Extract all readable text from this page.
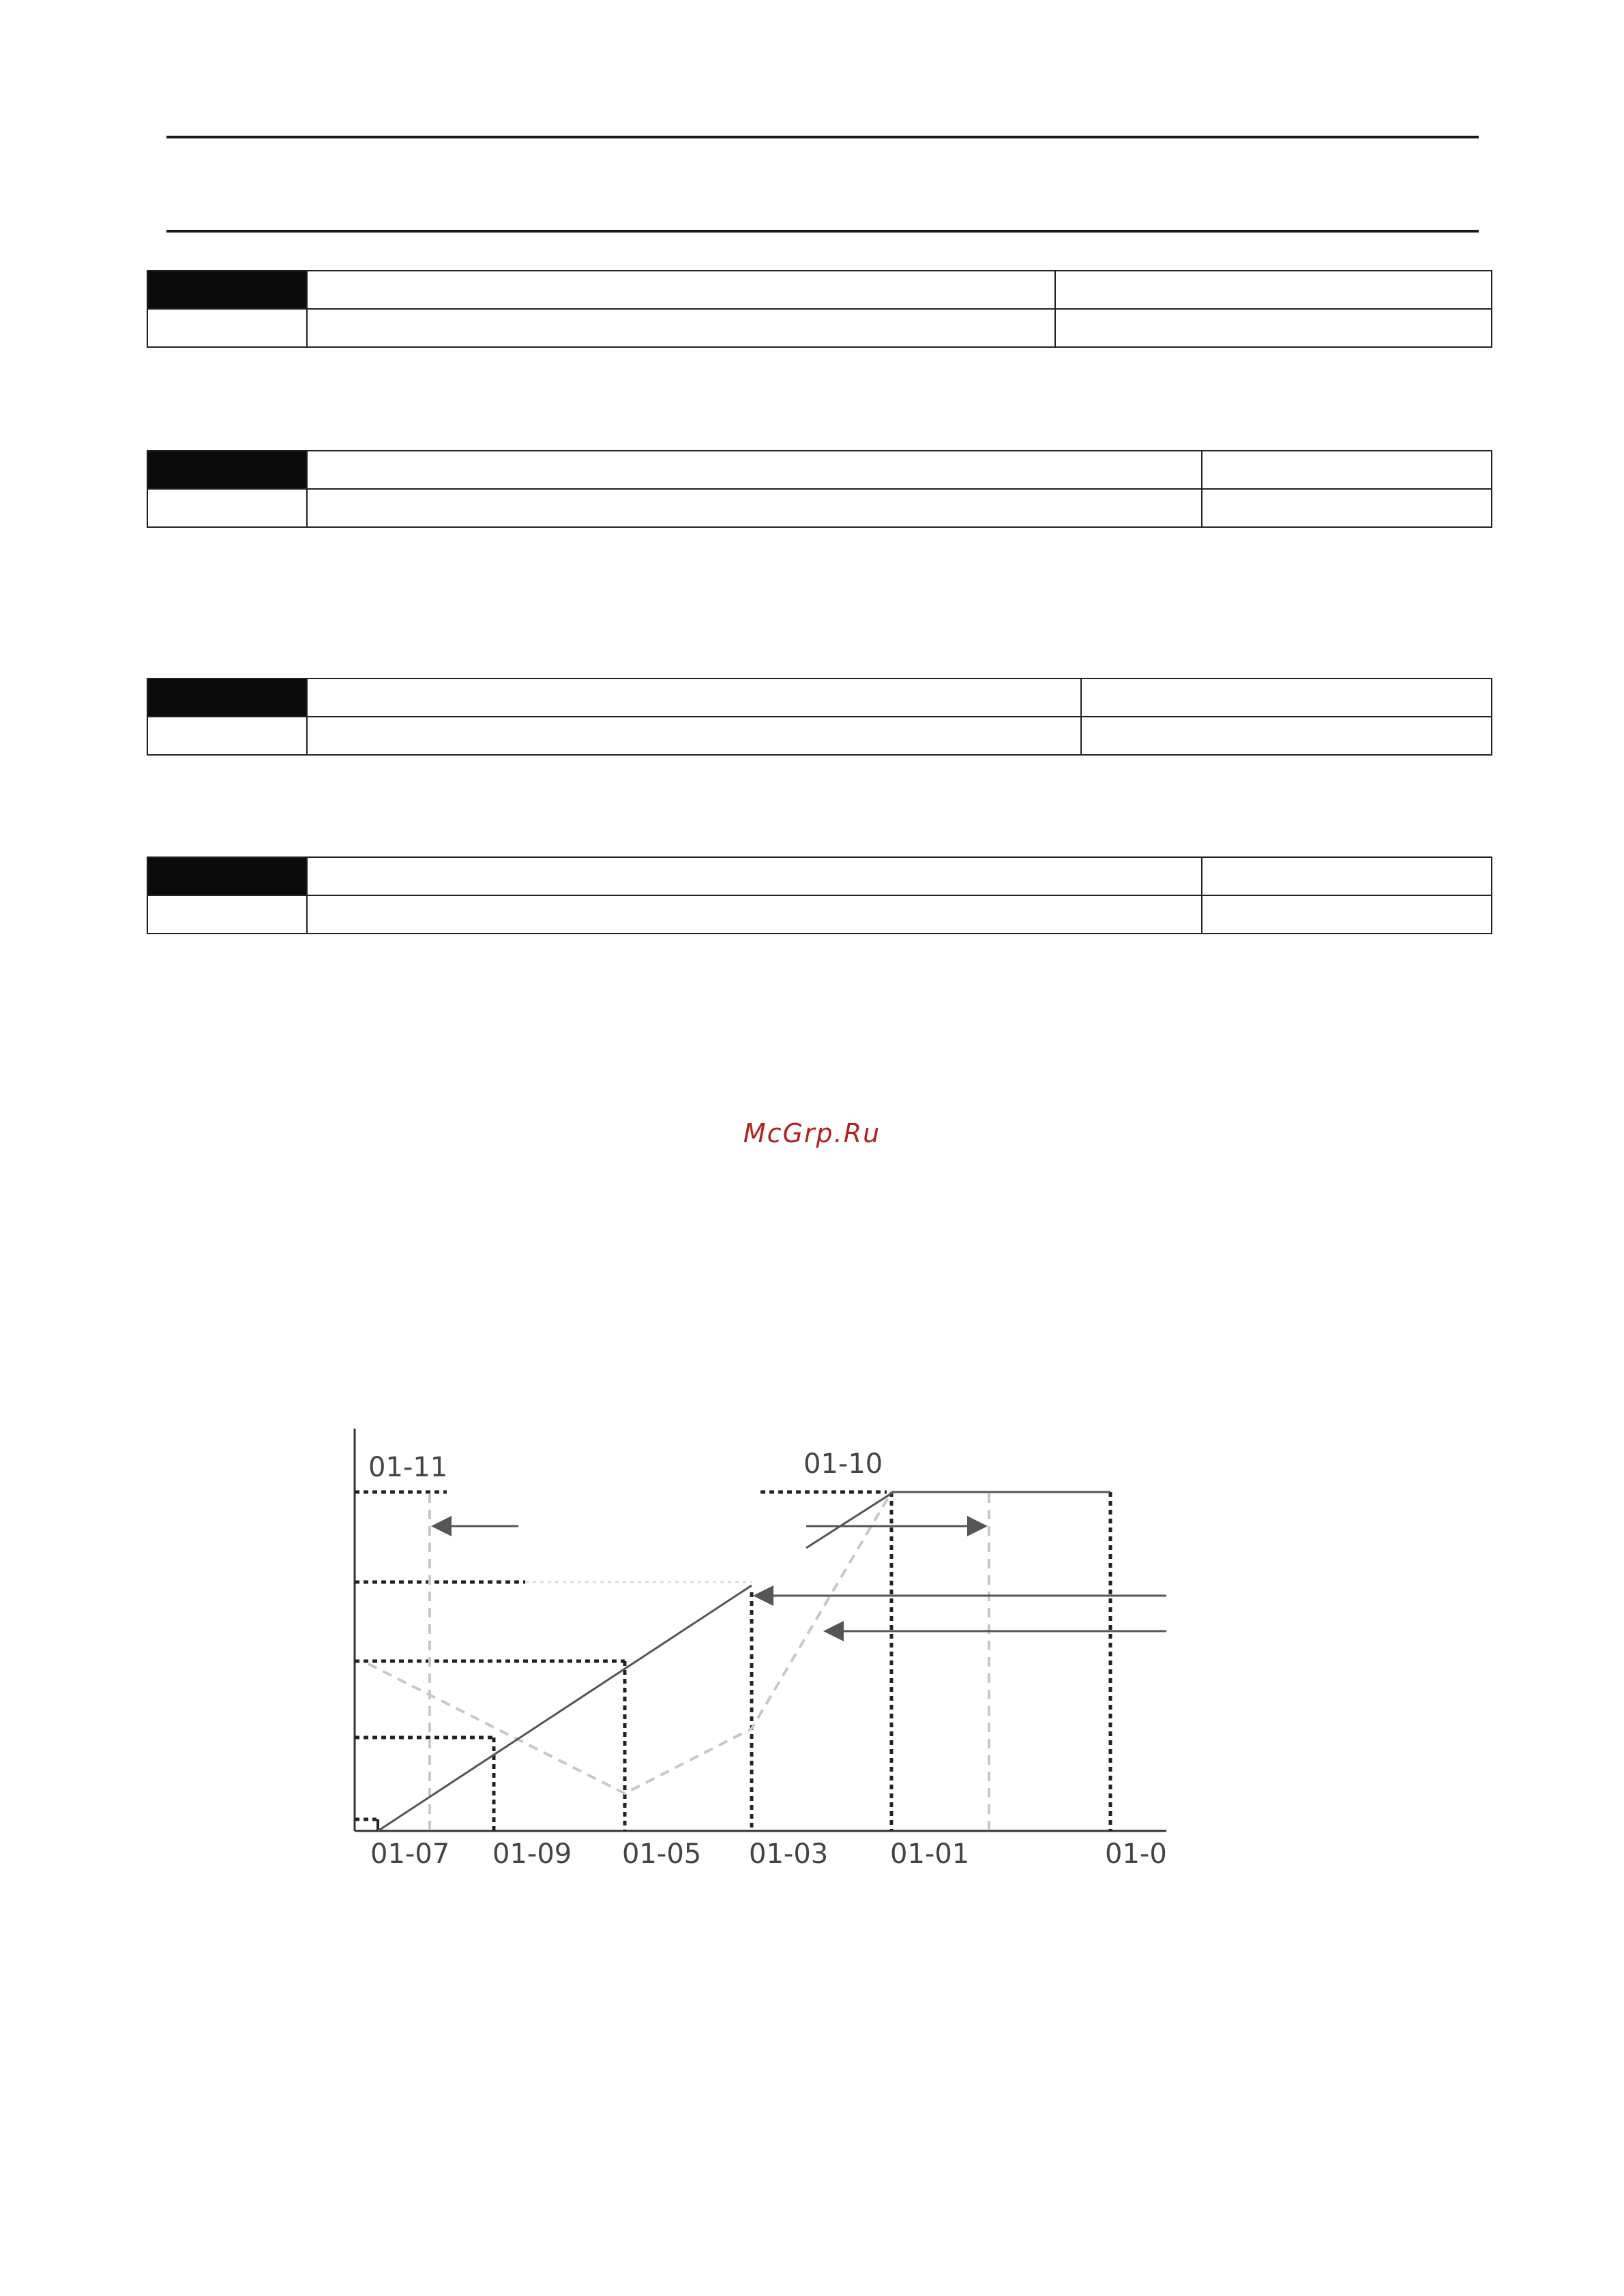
McGrp.Ru
01-11	01-10
01-07 01-09 01-05 01-03 01-01	01-0
